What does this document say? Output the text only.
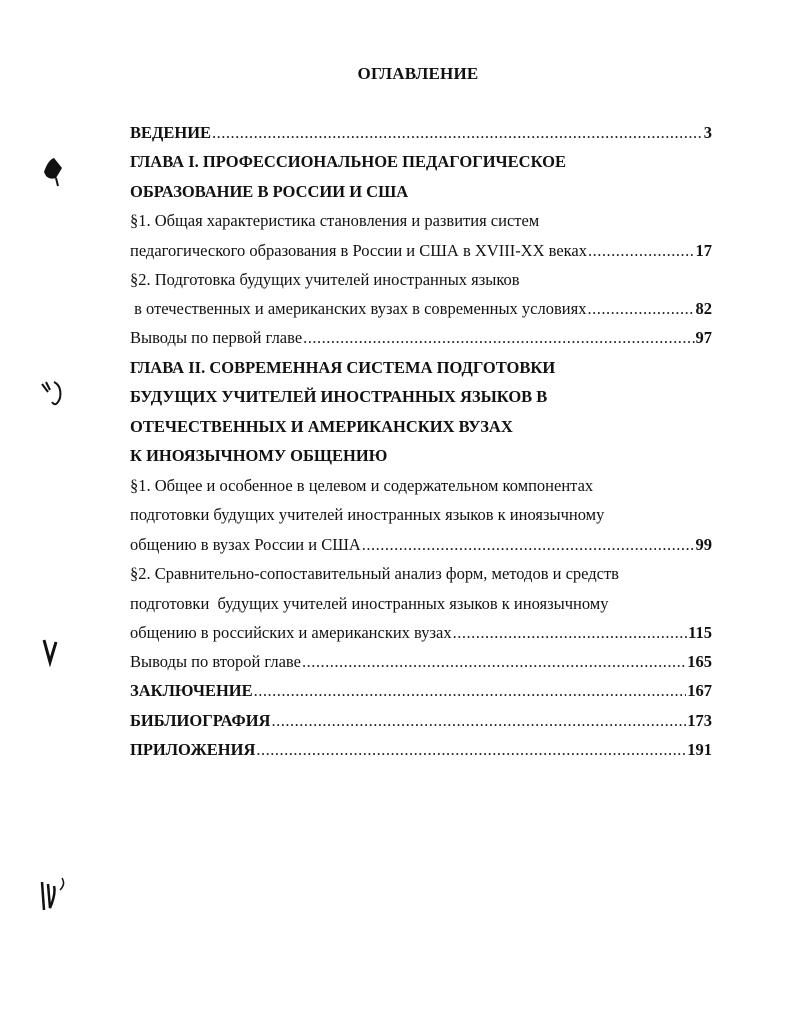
ОГЛАВЛЕНИЕ
ВЕДЕНИЕ .....	3
ГЛАВА I. ПРОФЕССИОНАЛЬНОЕ ПЕДАГОГИЧЕСКОЕ
ОБРАЗОВАНИЕ В РОССИИ И США
§1. Общая характеристика становления и развития систем
педагогического образования в России и США в XVIII-XX веках .....	17
§2. Подготовка будущих учителей иностранных языков
в отечественных и американских вузах в современных условиях .....	82
Выводы по первой главе .....	97
ГЛАВА II. СОВРЕМЕННАЯ СИСТЕМА ПОДГОТОВКИ
БУДУЩИХ УЧИТЕЛЕЙ ИНОСТРАННЫХ ЯЗЫКОВ В
ОТЕЧЕСТВЕННЫХ И АМЕРИКАНСКИХ ВУЗАХ
К ИНОЯЗЫЧНОМУ ОБЩЕНИЮ
§1. Общее и особенное в целевом и содержательном компонентах
подготовки будущих учителей иностранных языков к иноязычному
общению в вузах России и США .....	99
§2. Сравнительно-сопоставительный анализ форм, методов и средств
подготовки  будущих учителей иностранных языков к иноязычному
общению в российских и американских вузах .....	115
Выводы по второй главе .....	165
ЗАКЛЮЧЕНИЕ .....	167
БИБЛИОГРАФИЯ .....	173
ПРИЛОЖЕНИЯ .....	191
